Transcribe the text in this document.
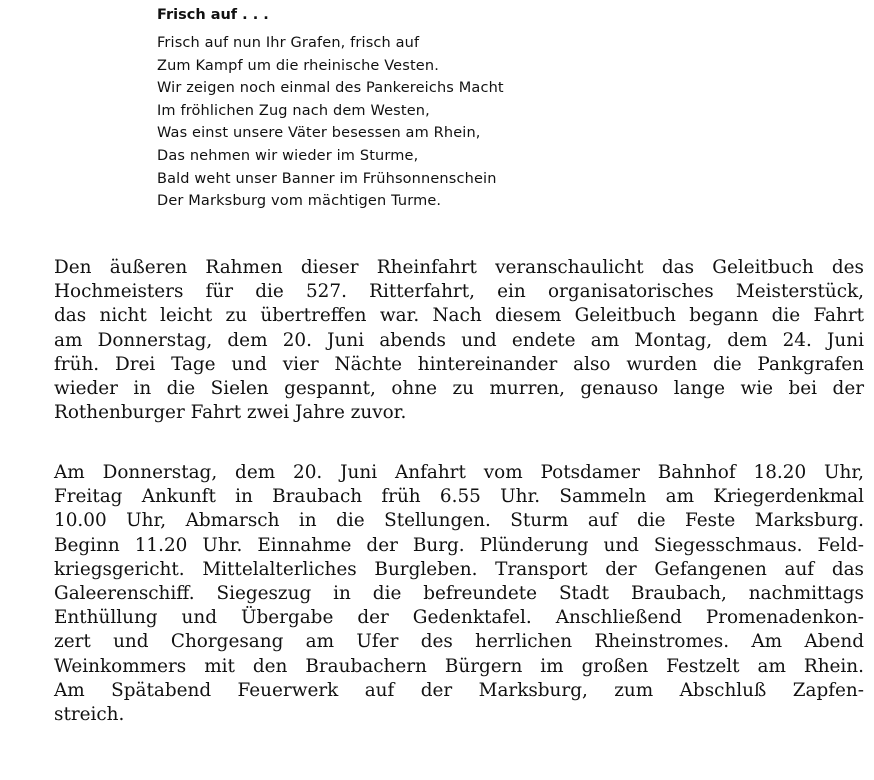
Frisch auf . . .
Frisch auf nun Ihr Grafen, frisch auf
Zum Kampf um die rheinische Vesten.
Wir zeigen noch einmal des Pankereichs Macht
Im fröhlichen Zug nach dem Westen,
Was einst unsere Väter besessen am Rhein,
Das nehmen wir wieder im Sturme,
Bald weht unser Banner im Frühsonnenschein
Der Marksburg vom mächtigen Turme.
Den äußeren Rahmen dieser Rheinfahrt veranschaulicht das Geleitbuch des
Hochmeisters für die 527. Ritterfahrt, ein organisatorisches Meisterstück,
das nicht leicht zu übertreffen war. Nach diesem Geleitbuch begann die Fahrt
am Donnerstag, dem 20. Juni abends und endete am Montag, dem 24. Juni
früh. Drei Tage und vier Nächte hintereinander also wurden die Pankgrafen
wieder in die Sielen gespannt, ohne zu murren, genauso lange wie bei der
Rothenburger Fahrt zwei Jahre zuvor.
Am Donnerstag, dem 20. Juni Anfahrt vom Potsdamer Bahnhof 18.20 Uhr,
Freitag Ankunft in Braubach früh 6.55 Uhr. Sammeln am Kriegerdenkmal
10.00 Uhr, Abmarsch in die Stellungen. Sturm auf die Feste Marksburg.
Beginn 11.20 Uhr. Einnahme der Burg. Plünderung und Siegesschmaus. Feld-
kriegsgericht. Mittelalterliches Burgleben. Transport der Gefangenen auf das
Galeerenschiff. Siegeszug in die befreundete Stadt Braubach, nachmittags
Enthüllung und Übergabe der Gedenktafel. Anschließend Promenadenkon-
zert und Chorgesang am Ufer des herrlichen Rheinstromes. Am Abend
Weinkommers mit den Braubachern Bürgern im großen Festzelt am Rhein.
Am Spätabend Feuerwerk auf der Marksburg, zum Abschluß Zapfen-
streich.
